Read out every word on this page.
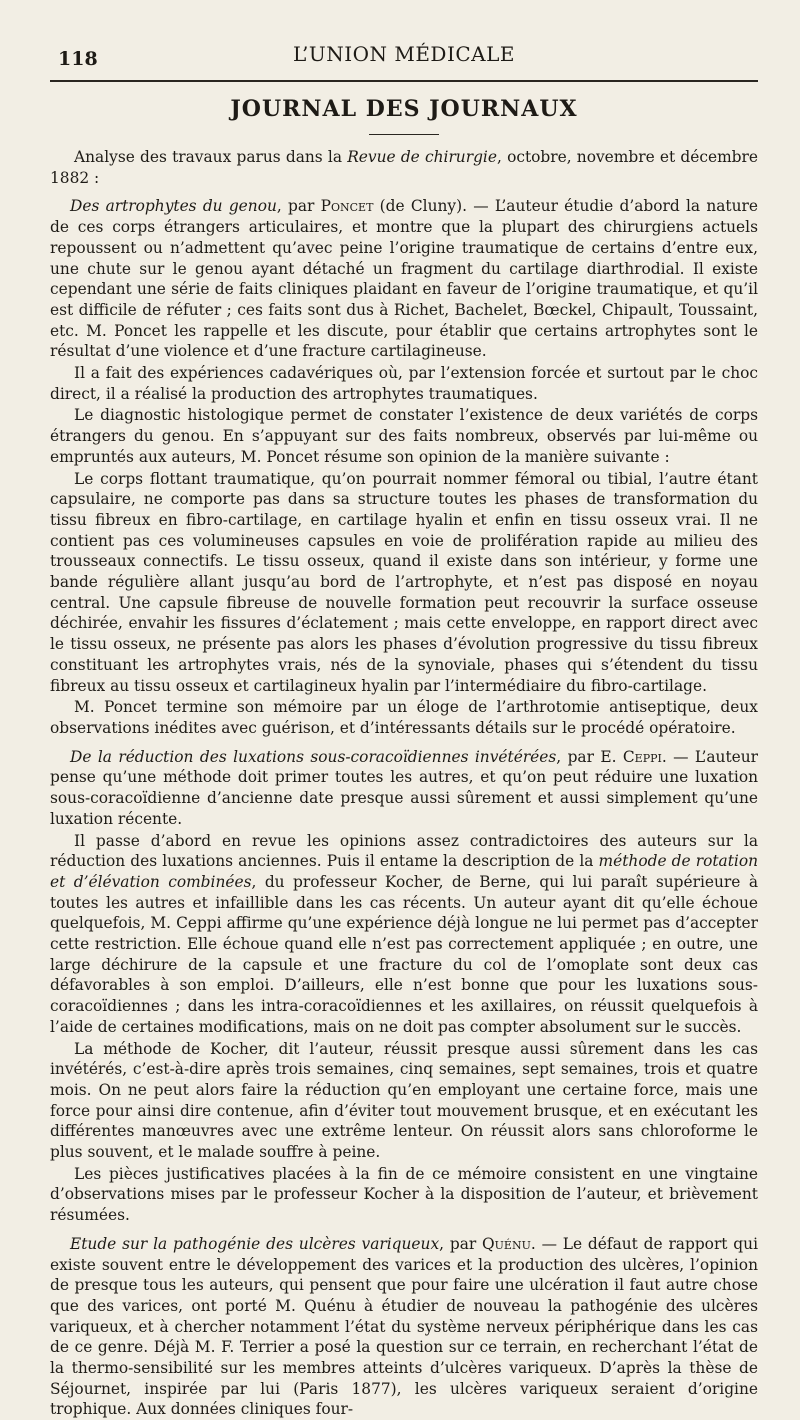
118	L’UNION MÉDICALE
JOURNAL DES JOURNAUX

Analyse des travaux parus dans la Revue de chirurgie, octobre, novembre et décembre 1882 :

Des artrophytes du genou, par Poncet (de Cluny). — L’auteur étudie d’abord la nature de ces corps étrangers articulaires, et montre que la plupart des chirurgiens actuels repoussent ou n’admettent qu’avec peine l’origine traumatique de certains d’entre eux, une chute sur le genou ayant détaché un fragment du cartilage diarthrodial. Il existe cependant une série de faits cliniques plaidant en faveur de l’origine traumatique, et qu’il est difficile de réfuter ; ces faits sont dus à Richet, Bachelet, Bœckel, Chipault, Toussaint, etc. M. Poncet les rappelle et les discute, pour établir que certains artrophytes sont le résultat d’une violence et d’une fracture cartilagineuse.

Il a fait des expériences cadavériques où, par l’extension forcée et surtout par le choc direct, il a réalisé la production des artrophytes traumatiques.

Le diagnostic histologique permet de constater l’existence de deux variétés de corps étrangers du genou. En s’appuyant sur des faits nombreux, observés par lui-même ou empruntés aux auteurs, M. Poncet résume son opinion de la manière suivante :

Le corps flottant traumatique, qu’on pourrait nommer fémoral ou tibial, l’autre étant capsulaire, ne comporte pas dans sa structure toutes les phases de transformation du tissu fibreux en fibro-cartilage, en cartilage hyalin et enfin en tissu osseux vrai. Il ne contient pas ces volumineuses capsules en voie de prolifération rapide au milieu des trousseaux connectifs. Le tissu osseux, quand il existe dans son intérieur, y forme une bande régulière allant jusqu’au bord de l’artrophyte, et n’est pas disposé en noyau central. Une capsule fibreuse de nouvelle formation peut recouvrir la surface osseuse déchirée, envahir les fissures d’éclatement ; mais cette enveloppe, en rapport direct avec le tissu osseux, ne présente pas alors les phases d’évolution progressive du tissu fibreux constituant les artrophytes vrais, nés de la synoviale, phases qui s’étendent du tissu fibreux au tissu osseux et cartilagineux hyalin par l’intermédiaire du fibro-cartilage.

M. Poncet termine son mémoire par un éloge de l’arthrotomie antiseptique, deux observations inédites avec guérison, et d’intéressants détails sur le procédé opératoire.

De la réduction des luxations sous-coracoïdiennes invétérées, par E. Ceppi. — L’auteur pense qu’une méthode doit primer toutes les autres, et qu’on peut réduire une luxation sous-coracoïdienne d’ancienne date presque aussi sûrement et aussi simplement qu’une luxation récente.

Il passe d’abord en revue les opinions assez contradictoires des auteurs sur la réduction des luxations anciennes. Puis il entame la description de la méthode de rotation et d’élévation combinées, du professeur Kocher, de Berne, qui lui paraît supérieure à toutes les autres et infaillible dans les cas récents. Un auteur ayant dit qu’elle échoue quelquefois, M. Ceppi affirme qu’une expérience déjà longue ne lui permet pas d’accepter cette restriction. Elle échoue quand elle n’est pas correctement appliquée ; en outre, une large déchirure de la capsule et une fracture du col de l’omoplate sont deux cas défavorables à son emploi. D’ailleurs, elle n’est bonne que pour les luxations sous-coracoïdiennes ; dans les intra-coracoïdiennes et les axillaires, on réussit quelquefois à l’aide de certaines modifications, mais on ne doit pas compter absolument sur le succès.

La méthode de Kocher, dit l’auteur, réussit presque aussi sûrement dans les cas invétérés, c’est-à-dire après trois semaines, cinq semaines, sept semaines, trois et quatre mois. On ne peut alors faire la réduction qu’en employant une certaine force, mais une force pour ainsi dire contenue, afin d’éviter tout mouvement brusque, et en exécutant les différentes manœuvres avec une extrême lenteur. On réussit alors sans chloroforme le plus souvent, et le malade souffre à peine.

Les pièces justificatives placées à la fin de ce mémoire consistent en une vingtaine d’observations mises par le professeur Kocher à la disposition de l’auteur, et brièvement résumées.

Etude sur la pathogénie des ulcères variqueux, par Quénu. — Le défaut de rapport qui existe souvent entre le développement des varices et la production des ulcères, l’opinion de presque tous les auteurs, qui pensent que pour faire une ulcération il faut autre chose que des varices, ont porté M. Quénu à étudier de nouveau la pathogénie des ulcères variqueux, et à chercher notamment l’état du système nerveux périphérique dans les cas de ce genre. Déjà M. F. Terrier a posé la question sur ce terrain, en recherchant l’état de la thermo-sensibilité sur les membres atteints d’ulcères variqueux. D’après la thèse de Séjournet, inspirée par lui (Paris 1877), les ulcères variqueux seraient d’origine trophique. Aux données cliniques four-
